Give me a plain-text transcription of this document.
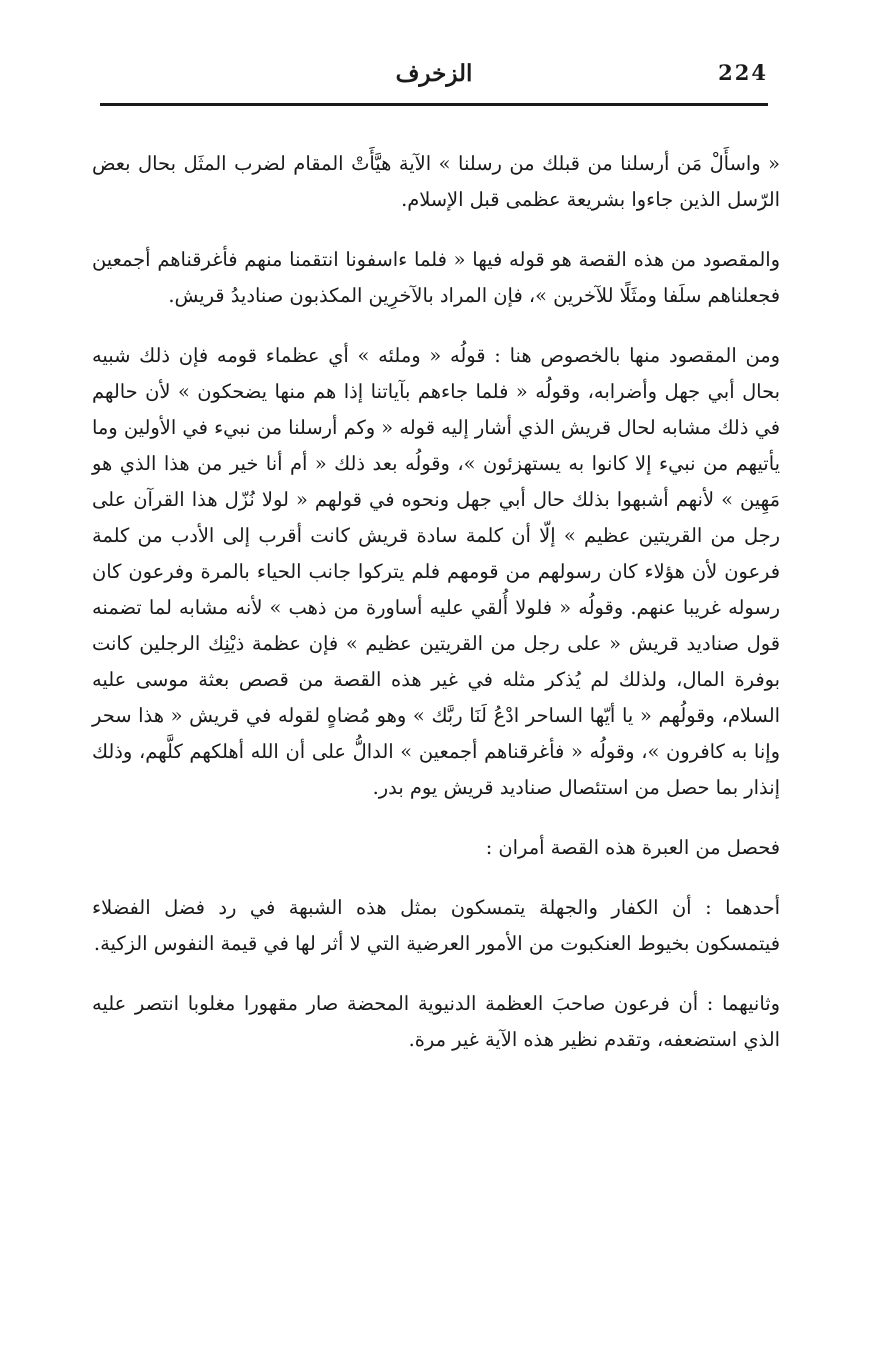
224
الزخرف

« واسأَلْ مَن أرسلنا من قبلك من رسلنا » الآية هيَّأَتْ المقام لضرب المثَل بحال بعض الرّسل الذين جاءوا بشريعة عظمى قبل الإسلام.

والمقصود من هذه القصة هو قوله فيها « فلما ءاسفونا انتقمنا منهم فأغرقناهم أجمعين فجعلناهم سلَفا ومثَلًا للآخرين »، فإن المراد بالآخرِين المكذبون صناديدُ قريش.

ومن المقصود منها بالخصوص هنا : قولُه « وملئه » أي عظماء قومه فإن ذلك شبيه بحال أبي جهل وأضرابه، وقولُه « فلما جاءهم بآياتنا إذا هم منها يضحكون » لأن حالهم في ذلك مشابه لحال قريش الذي أشار إليه قوله « وكم أرسلنا من نبيء في الأولين وما يأتيهم من نبيء إلا كانوا به يستهزئون »، وقولُه بعد ذلك « أم أنا خير من هذا الذي هو مَهِين » لأنهم أشبهوا بذلك حال أبي جهل ونحوه في قولهم « لولا نُزّل هذا القرآن على رجل من القريتين عظيم » إلّا أن كلمة سادة قريش كانت أقرب إلى الأدب من كلمة فرعون لأن هؤلاء كان رسولهم من قومهم فلم يتركوا جانب الحياء بالمرة وفرعون كان رسوله غريبا عنهم. وقولُه « فلولا أُلقي عليه أساورة من ذهب » لأنه مشابه لما تضمنه قول صناديد قريش « على رجل من القريتين عظيم » فإن عظمة ذيْنِك الرجلين كانت بوفرة المال، ولذلك لم يُذكر مثله في غير هذه القصة من قصص بعثة موسى عليه السلام، وقولُهم « يا أيّها الساحر ادْعُ لَنَا ربَّك » وهو مُضاهٍ لقوله في قريش « هذا سحر وإنا به كافرون »، وقولُه « فأغرقناهم أجمعين » الدالُّ على أن الله أهلكهم كلَّهم، وذلك إنذار بما حصل من استئصال صناديد قريش يوم بدر.

فحصل من العبرة هذه القصة أمران :

أحدهما : أن الكفار والجهلة يتمسكون بمثل هذه الشبهة في رد فضل الفضلاء فيتمسكون بخيوط العنكبوت من الأمور العرضية التي لا أثر لها في قيمة النفوس الزكية.

وثانيهما : أن فرعون صاحبَ العظمة الدنيوية المحضة صار مقهورا مغلوبا انتصر عليه الذي استضعفه، وتقدم نظير هذه الآية غير مرة.
